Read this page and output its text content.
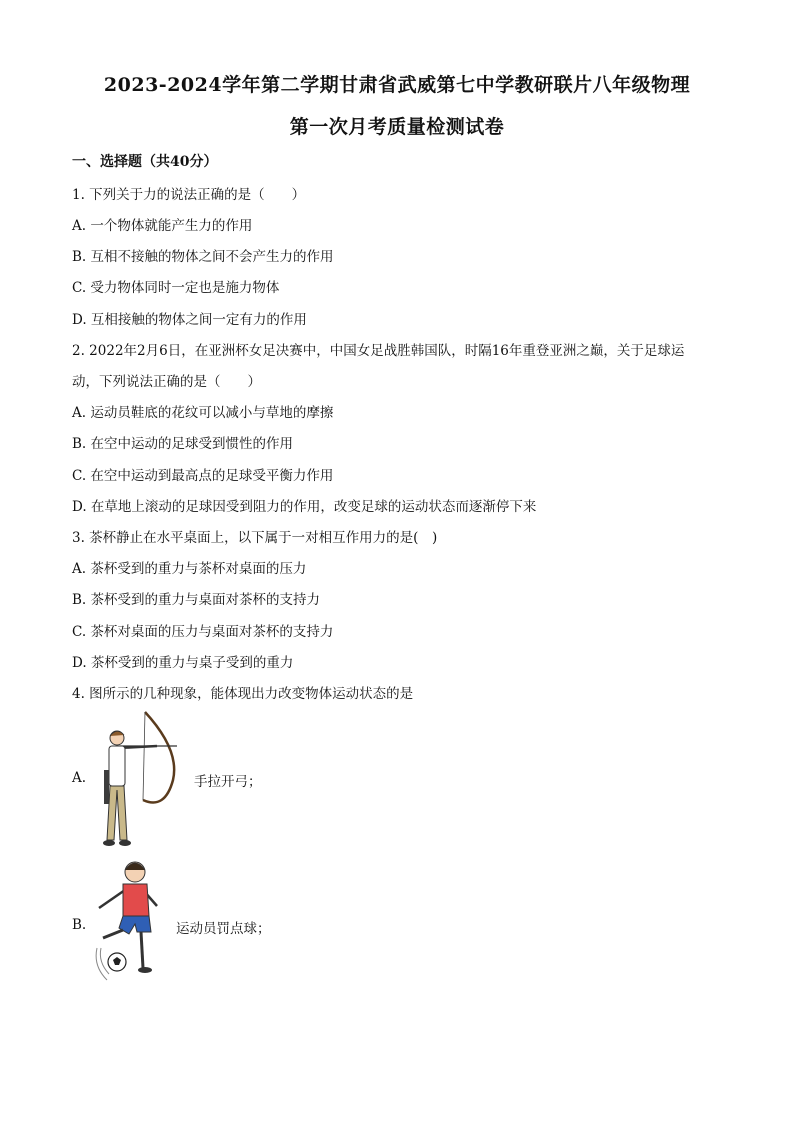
2023-2024学年第二学期甘肃省武威第七中学教研联片八年级物理
第一次月考质量检测试卷
一、选择题（共40分）
1. 下列关于力的说法正确的是（　　）
A. 一个物体就能产生力的作用
B. 互相不接触的物体之间不会产生力的作用
C. 受力物体同时一定也是施力物体
D. 互相接触的物体之间一定有力的作用
2. 2022年2月6日，在亚洲杯女足决赛中，中国女足战胜韩国队，时隔16年重登亚洲之巅，关于足球运
动，下列说法正确的是（　　）
A. 运动员鞋底的花纹可以减小与草地的摩擦
B. 在空中运动的足球受到惯性的作用
C. 在空中运动到最高点的足球受平衡力作用
D. 在草地上滚动的足球因受到阻力的作用，改变足球的运动状态而逐渐停下来
3. 茶杯静止在水平桌面上，以下属于一对相互作用力的是(　)
A. 茶杯受到的重力与茶杯对桌面的压力
B. 茶杯受到的重力与桌面对茶杯的支持力
C. 茶杯对桌面的压力与桌面对茶杯的支持力
D. 茶杯受到的重力与桌子受到的重力
4. 图所示的几种现象，能体现出力改变物体运动状态的是
A.	手拉开弓；
B.	运动员罚点球；
